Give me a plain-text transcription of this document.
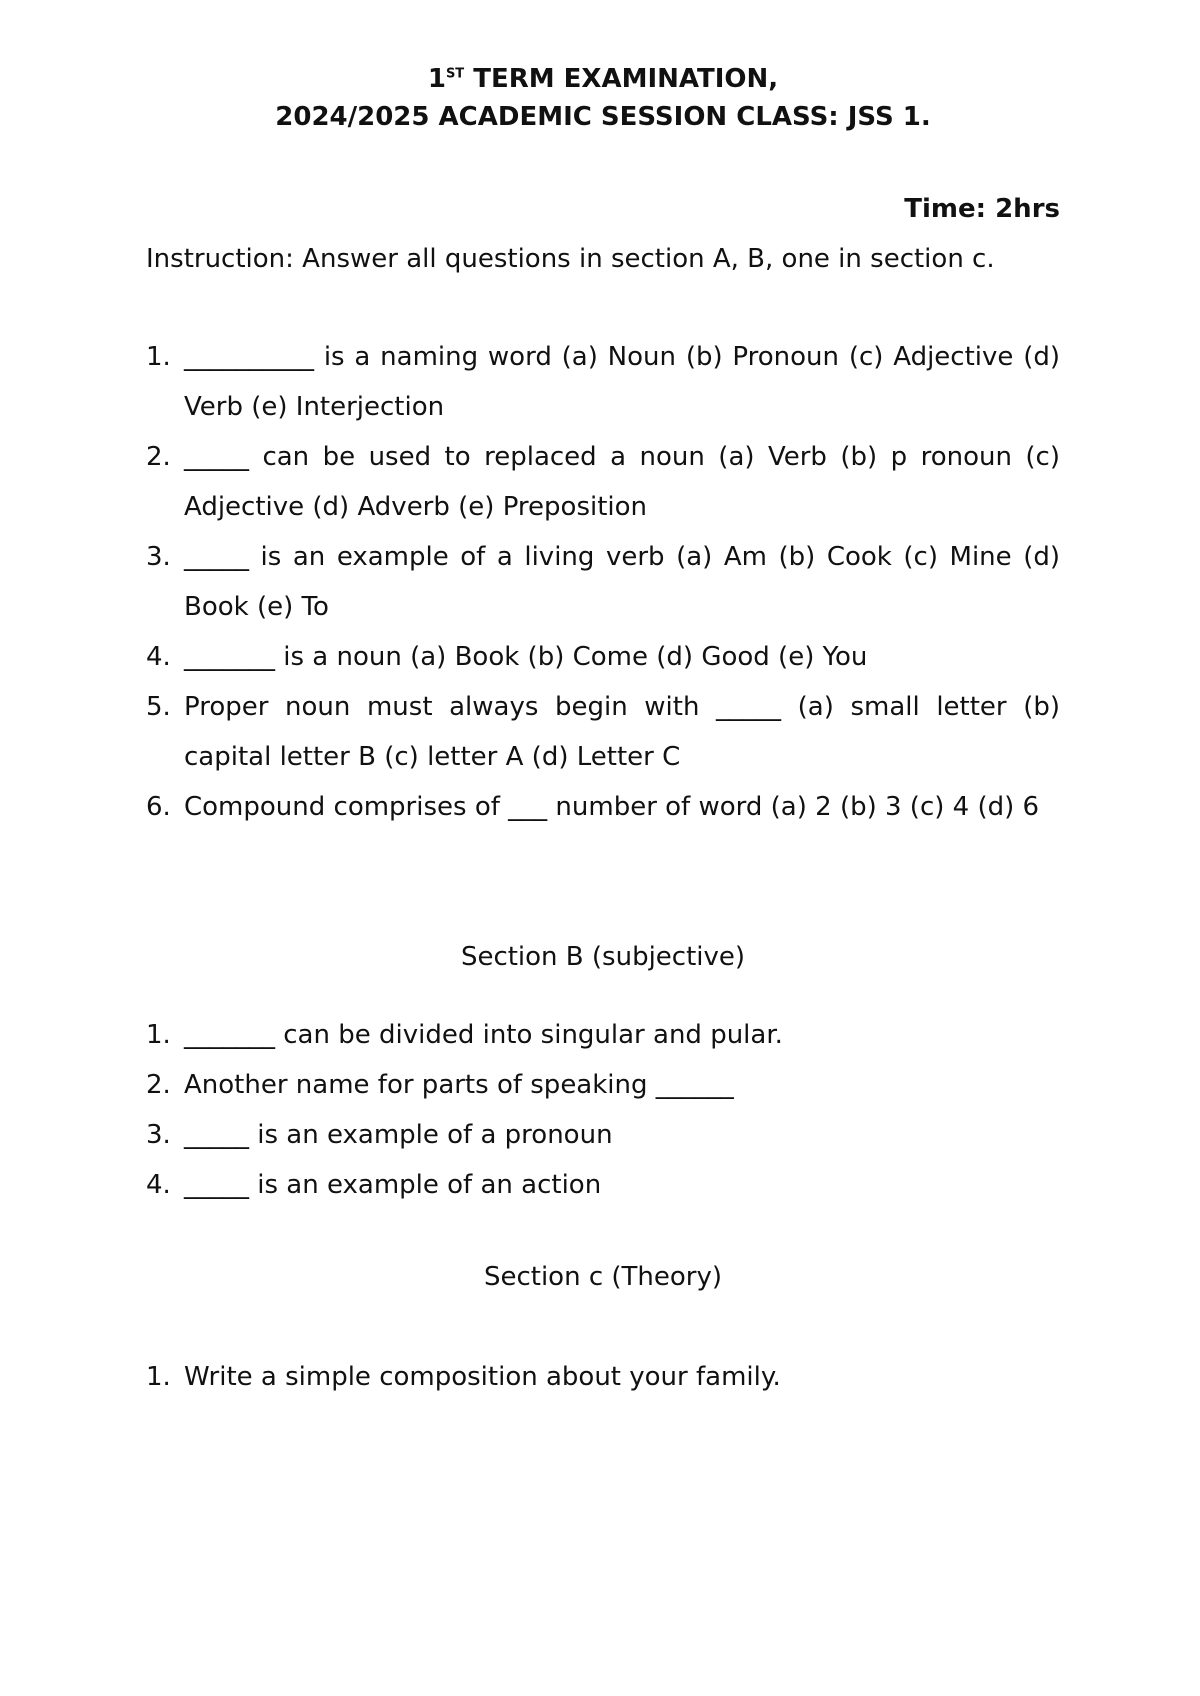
1ST TERM EXAMINATION,

2024/2025 ACADEMIC SESSION CLASS: JSS 1.

Time: 2hrs

Instruction: Answer all questions in section A, B, one in section c.

1. __________ is a naming word (a) Noun (b) Pronoun (c) Adjective (d) Verb (e) Interjection
2. _____ can be used to replaced a noun (a) Verb (b) p ronoun (c) Adjective (d) Adverb (e) Preposition
3. _____ is an example of a living verb (a) Am (b) Cook (c) Mine (d) Book (e) To
4. _______ is a noun (a) Book (b) Come (d) Good (e) You
5. Proper noun must always begin with _____ (a) small letter (b) capital letter B (c) letter A (d) Letter C
6. Compound comprises of ___ number of word (a) 2 (b) 3 (c) 4 (d) 6
Section B (subjective)
1. _______ can be divided into singular and pular.
2. Another name for parts of speaking ______
3. _____ is an example of a pronoun
4. _____ is an example of an action
Section c (Theory)
1. Write a simple composition about your family.
